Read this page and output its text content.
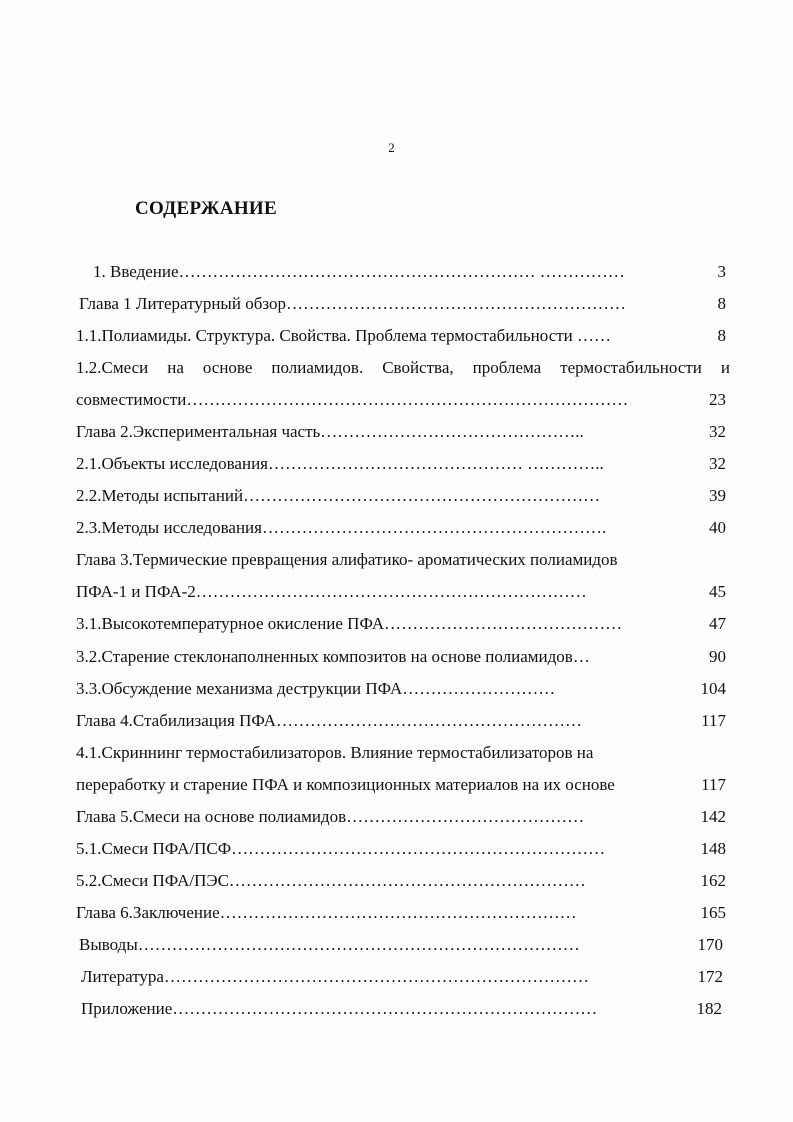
2
СОДЕРЖАНИЕ
1. Введение……………………………………………………… ……………	3
Глава 1 Литературный обзор……………………………………………………	8
1.1.Полиамиды. Структура. Свойства. Проблема термостабильности ……	8
1.2.Смеси на основе полиамидов. Свойства, проблема термостабильности и
совместимости……………………………………………………………………	23
Глава 2.Экспериментальная часть………………………………………..	32
2.1.Объекты исследования……………………………………… …………..	32
2.2.Методы испытаний………………………………………………………	39
2.3.Методы исследования…………………………………………………….	40
Глава 3.Термические превращения алифатико- ароматических полиамидов
ПФА-1 и ПФА-2……………………………………………………………	45
3.1.Высокотемпературное окисление ПФА……………………………………	47
3.2.Старение стеклонаполненных композитов на основе полиамидов…	90
3.3.Обсуждение механизма деструкции ПФА………………………	104
Глава 4.Стабилизация ПФА………………………………………………	117
4.1.Скриннинг термостабилизаторов. Влияние термостабилизаторов на
переработку и старение ПФА и композиционных материалов на их основе	117
Глава 5.Смеси на основе полиамидов……………………………………	142
5.1.Смеси ПФА/ПСФ…………………………………………………………	148
5.2.Смеси ПФА/ПЭС………………………………………………………	162
Глава 6.Заключение………………………………………………………	165
Выводы……………………………………………………………………	170
Литература…………………………………………………………………	172
Приложение…………………………………………………………………	182
